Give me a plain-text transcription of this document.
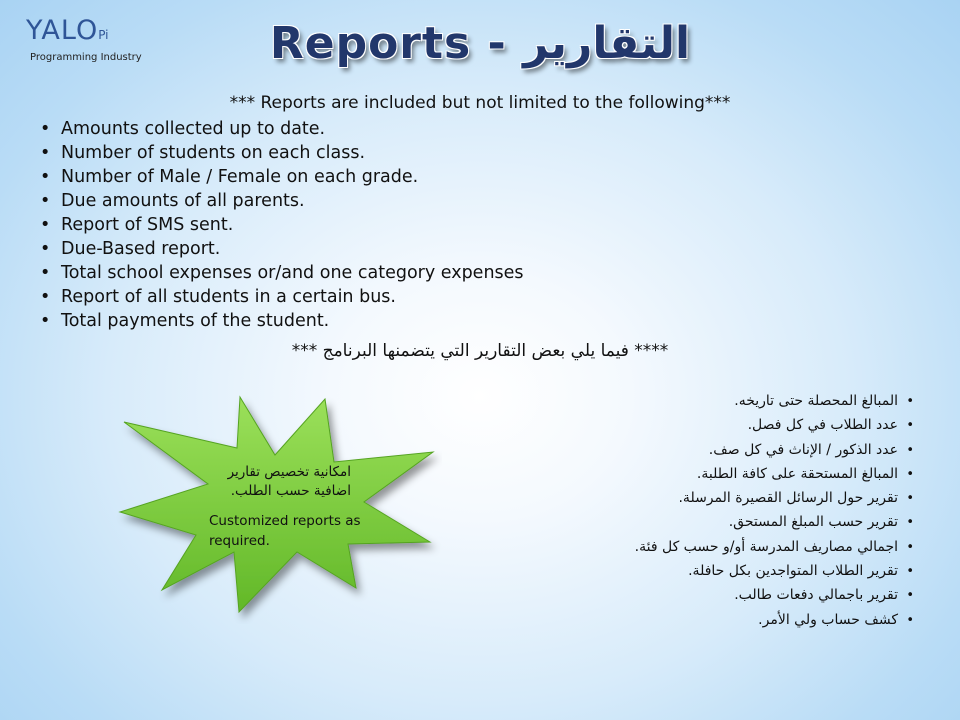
YALOPi
Programming Industry	Reports - التقارير
*** Reports are included but not limited to the following***
• Amounts collected up to date.
• Number of students on each class.
• Number of Male / Female on each grade.
• Due amounts of all parents.
• Report of SMS sent.
• Due-Based report.
• Total school expenses or/and one category expenses
• Report of all students in a certain bus.
• Total payments of the student.
**** فيما يلي بعض التقارير التي يتضمنها البرنامج ***
امكانية تخصيص تقارير اضافية حسب الطلب.
Customized reports as required.
• المبالغ المحصلة حتى تاريخه.
• عدد الطلاب في كل فصل.
• عدد الذكور / الإناث في كل صف.
• المبالغ المستحقة على كافة الطلبة.
• تقرير حول الرسائل القصيرة المرسلة.
• تقرير حسب المبلغ المستحق.
• اجمالي مصاريف المدرسة أو/و حسب كل فئة.
• تقرير الطلاب المتواجدين بكل حافلة.
• تقرير باجمالي دفعات طالب.
• كشف حساب ولي الأمر.
